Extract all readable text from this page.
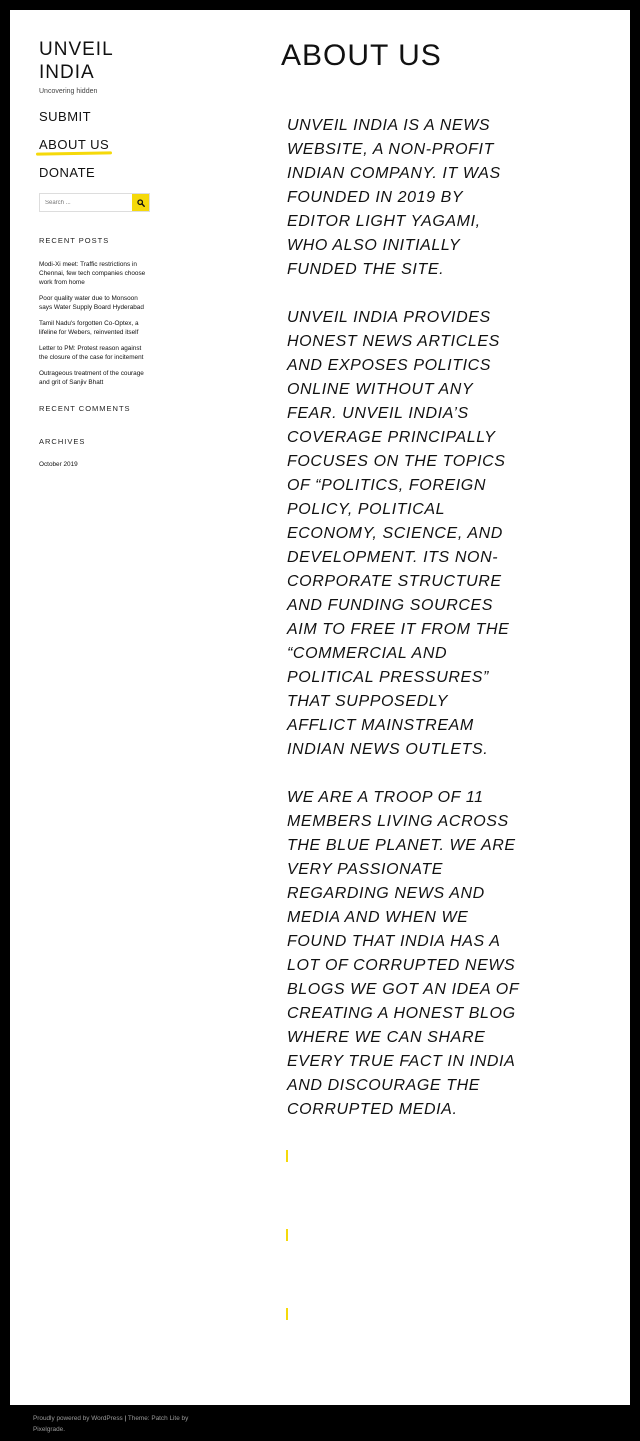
UNVEIL INDIA
Uncovering hidden
SUBMIT
ABOUT US
DONATE
Search ...
RECENT POSTS
Modi-Xi meet: Traffic restrictions in Chennai, few tech companies choose work from home
Poor quality water due to Monsoon says Water Supply Board Hyderabad
Tamil Nadu's forgotten Co-Optex, a lifeline for Webers, reinvented itself
Letter to PM: Protest reason against the closure of the case for incitement
Outrageous treatment of the courage and grit of Sanjiv Bhatt
RECENT COMMENTS
ARCHIVES
October 2019
ABOUT US

UNVEIL INDIA IS A NEWS WEBSITE, A NON-PROFIT INDIAN COMPANY. IT WAS FOUNDED IN 2019 BY EDITOR LIGHT YAGAMI, WHO ALSO INITIALLY FUNDED THE SITE.

UNVEIL INDIA PROVIDES HONEST NEWS ARTICLES AND EXPOSES POLITICS ONLINE WITHOUT ANY FEAR. UNVEIL INDIA’S COVERAGE PRINCIPALLY FOCUSES ON THE TOPICS OF “POLITICS, FOREIGN POLICY, POLITICAL ECONOMY, SCIENCE, AND DEVELOPMENT. ITS NON-CORPORATE STRUCTURE AND FUNDING SOURCES AIM TO FREE IT FROM THE “COMMERCIAL AND POLITICAL PRESSURES” THAT SUPPOSEDLY AFFLICT MAINSTREAM INDIAN NEWS OUTLETS.

WE ARE A TROOP OF 11 MEMBERS LIVING ACROSS THE BLUE PLANET. WE ARE VERY PASSIONATE REGARDING NEWS AND MEDIA AND WHEN WE FOUND THAT INDIA HAS A LOT OF CORRUPTED NEWS BLOGS WE GOT AN IDEA OF CREATING A HONEST BLOG WHERE WE CAN SHARE EVERY TRUE FACT IN INDIA AND DISCOURAGE THE CORRUPTED MEDIA.

Proudly powered by WordPress | Theme: Patch Lite by Pixelgrade.
